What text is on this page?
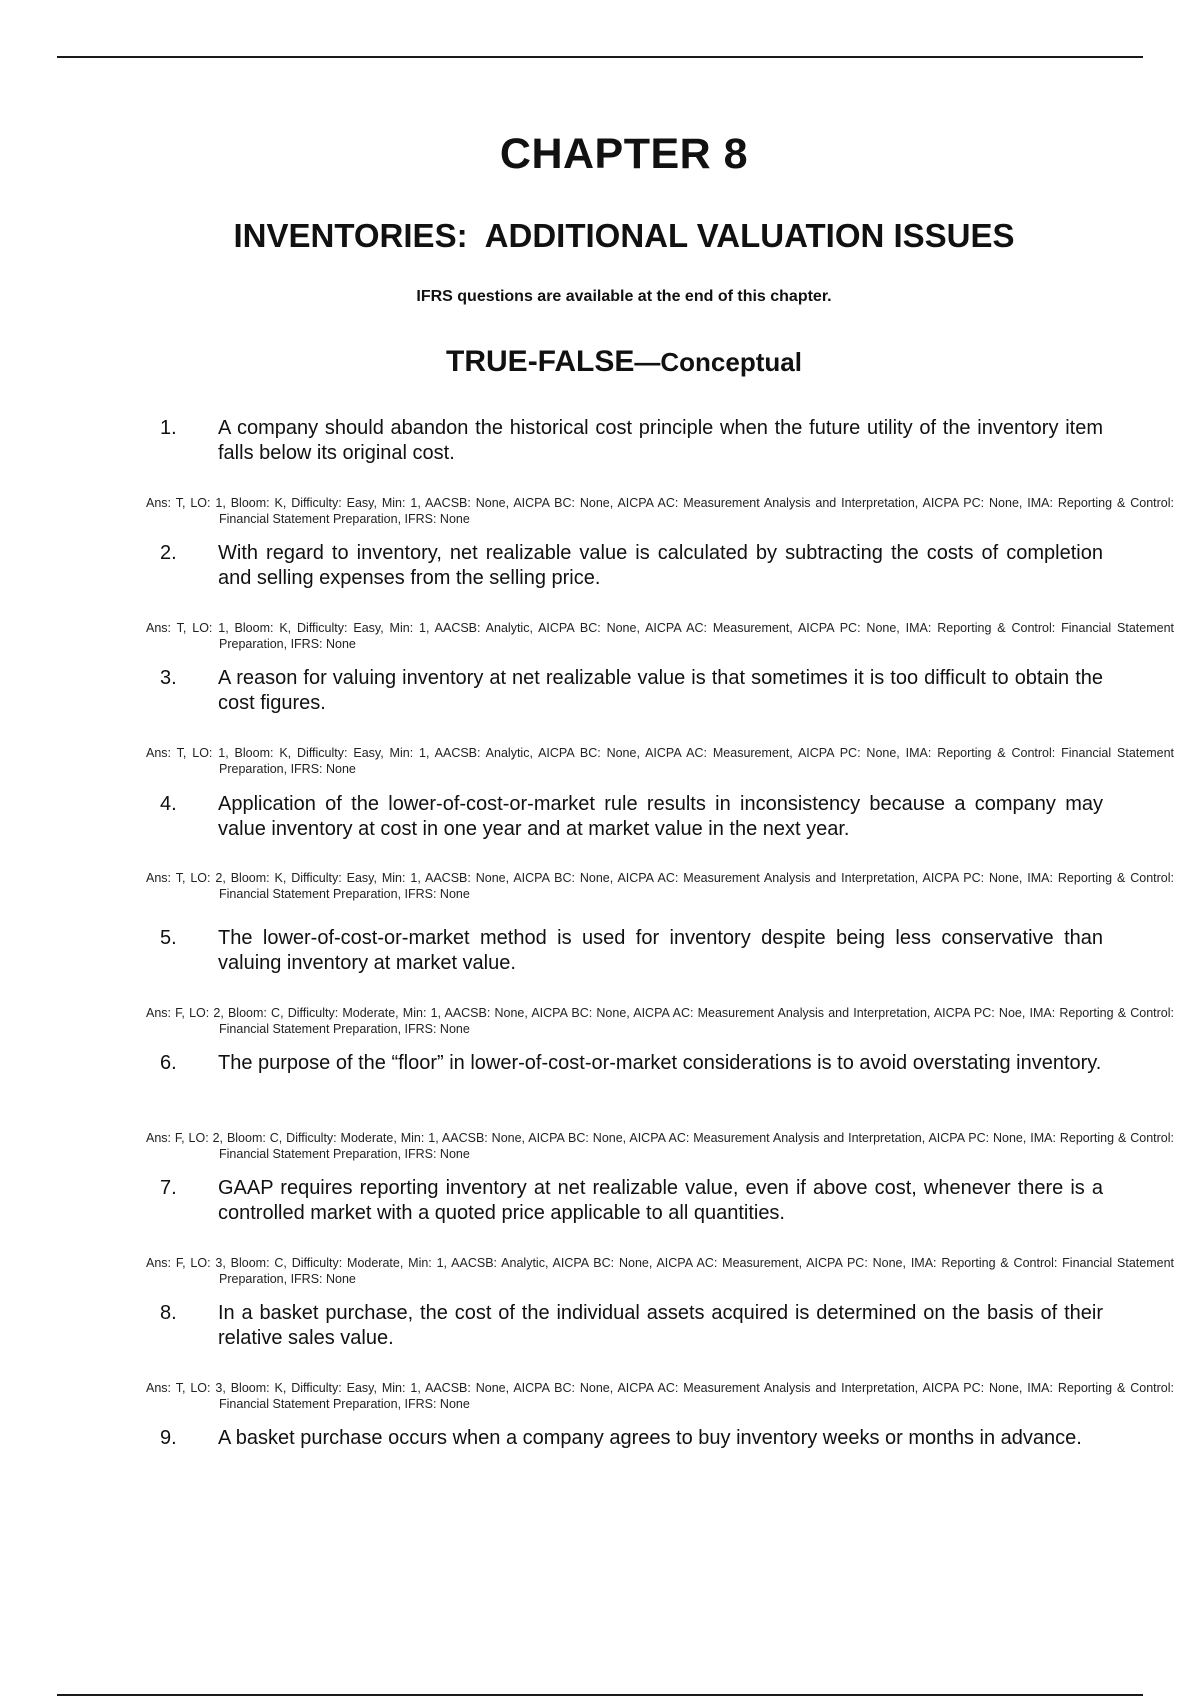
CHAPTER 8
INVENTORIES:  ADDITIONAL VALUATION ISSUES
IFRS questions are available at the end of this chapter.
TRUE-FALSE—Conceptual
1.	A company should abandon the historical cost principle when the future utility of the inventory item falls below its original cost.
Ans: T, LO: 1, Bloom: K, Difficulty: Easy, Min: 1, AACSB: None, AICPA BC: None, AICPA AC: Measurement Analysis and Interpretation, AICPA PC: None, IMA: Reporting & Control: Financial Statement Preparation, IFRS: None
2.	With regard to inventory, net realizable value is calculated by subtracting the costs of completion and selling expenses from the selling price.
Ans: T, LO: 1, Bloom: K, Difficulty: Easy, Min: 1, AACSB: Analytic, AICPA BC: None, AICPA AC: Measurement, AICPA PC: None, IMA: Reporting & Control: Financial Statement Preparation, IFRS: None
3.	A reason for valuing inventory at net realizable value is that sometimes it is too difficult to obtain the cost figures.
Ans: T, LO: 1, Bloom: K, Difficulty: Easy, Min: 1, AACSB: Analytic, AICPA BC: None, AICPA AC: Measurement, AICPA PC: None, IMA: Reporting & Control: Financial Statement Preparation, IFRS: None
4.	Application of the lower-of-cost-or-market rule results in inconsistency because a company may value inventory at cost in one year and at market value in the next year.
Ans: T, LO: 2, Bloom: K, Difficulty: Easy, Min: 1, AACSB: None, AICPA BC: None, AICPA AC: Measurement Analysis and Interpretation, AICPA PC: None, IMA: Reporting & Control: Financial Statement Preparation, IFRS: None
5.	The lower-of-cost-or-market method is used for inventory despite being less conservative than valuing inventory at market value.
Ans: F, LO: 2, Bloom: C, Difficulty: Moderate, Min: 1, AACSB: None, AICPA BC: None, AICPA AC: Measurement Analysis and Interpretation, AICPA PC: Noe, IMA: Reporting & Control: Financial Statement Preparation, IFRS: None
6.	The purpose of the “floor” in lower-of-cost-or-market considerations is to avoid overstating inventory.
Ans: F, LO: 2, Bloom: C, Difficulty: Moderate, Min: 1, AACSB: None, AICPA BC: None, AICPA AC: Measurement Analysis and Interpretation, AICPA PC: None, IMA: Reporting & Control: Financial Statement Preparation, IFRS: None
7.	GAAP requires reporting inventory at net realizable value, even if above cost, whenever there is a controlled market with a quoted price applicable to all quantities.
Ans: F, LO: 3, Bloom: C, Difficulty: Moderate, Min: 1, AACSB: Analytic, AICPA BC: None, AICPA AC: Measurement, AICPA PC: None, IMA: Reporting & Control: Financial Statement Preparation, IFRS: None
8.	In a basket purchase, the cost of the individual assets acquired is determined on the basis of their relative sales value.
Ans: T, LO: 3, Bloom: K, Difficulty: Easy, Min: 1, AACSB: None, AICPA BC: None, AICPA AC: Measurement Analysis and Interpretation, AICPA PC: None, IMA: Reporting & Control: Financial Statement Preparation, IFRS: None
9.	A basket purchase occurs when a company agrees to buy inventory weeks or months in advance.
